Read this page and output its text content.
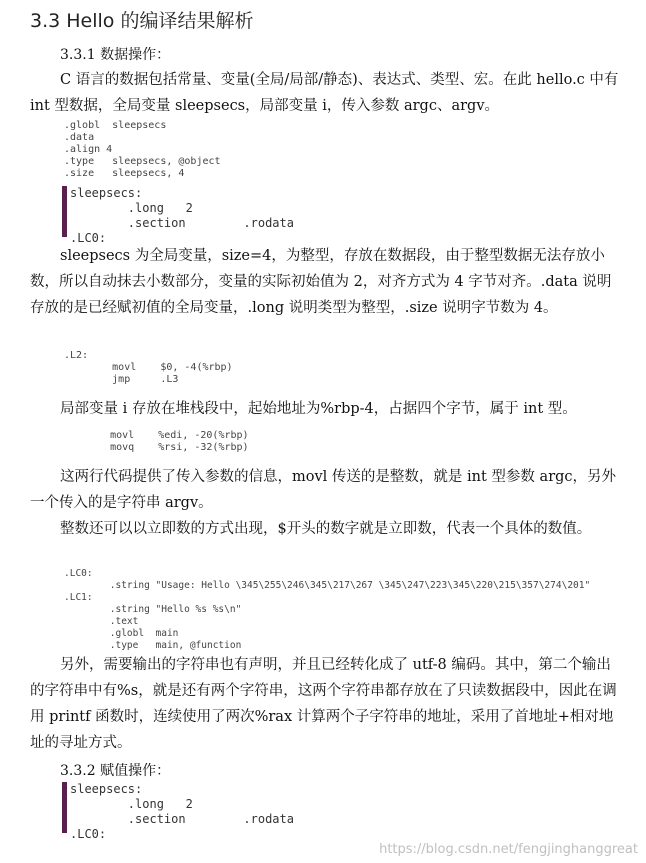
3.3 Hello 的编译结果解析
3.3.1 数据操作：
C 语言的数据包括常量、变量(全局/局部/静态)、表达式、类型、宏。在此 hello.c 中有 int 型数据，全局变量 sleepsecs，局部变量 i，传入参数 argc、argv。
.globl  sleepsecs
.data
.align 4
.type   sleepsecs, @object
.size   sleepsecs, 4
sleepsecs:
.long   2
.section        .rodata
.LC0:
sleepsecs 为全局变量，size=4，为整型，存放在数据段，由于整型数据无法存放小数，所以自动抹去小数部分，变量的实际初始值为 2，对齐方式为 4 字节对齐。.data 说明存放的是已经赋初值的全局变量，.long 说明类型为整型，.size 说明字节数为 4。
.L2:
movl    $0, -4(%rbp)
jmp     .L3
局部变量 i 存放在堆栈段中，起始地址为%rbp-4，占据四个字节，属于 int 型。
movl    %edi, -20(%rbp)
movq    %rsi, -32(%rbp)
这两行代码提供了传入参数的信息，movl 传送的是整数，就是 int 型参数 argc，另外一个传入的是字符串 argv。
整数还可以以立即数的方式出现，$开头的数字就是立即数，代表一个具体的数值。
.LC0:
.string "Usage: Hello \345\255\246\345\217\267 \345\247\223\345\220\215\357\274\201"
.LC1:
.string "Hello %s %s\n"
.text
.globl  main
.type   main, @function
另外，需要输出的字符串也有声明，并且已经转化成了 utf-8 编码。其中，第二个输出的字符串中有%s，就是还有两个字符串，这两个字符串都存放在了只读数据段中，因此在调用 printf 函数时，连续使用了两次%rax 计算两个子字符串的地址，采用了首地址+相对地址的寻址方式。
3.3.2 赋值操作：
sleepsecs:
.long   2
.section        .rodata
.LC0:
https://blog.csdn.net/fengjinghanggreat
